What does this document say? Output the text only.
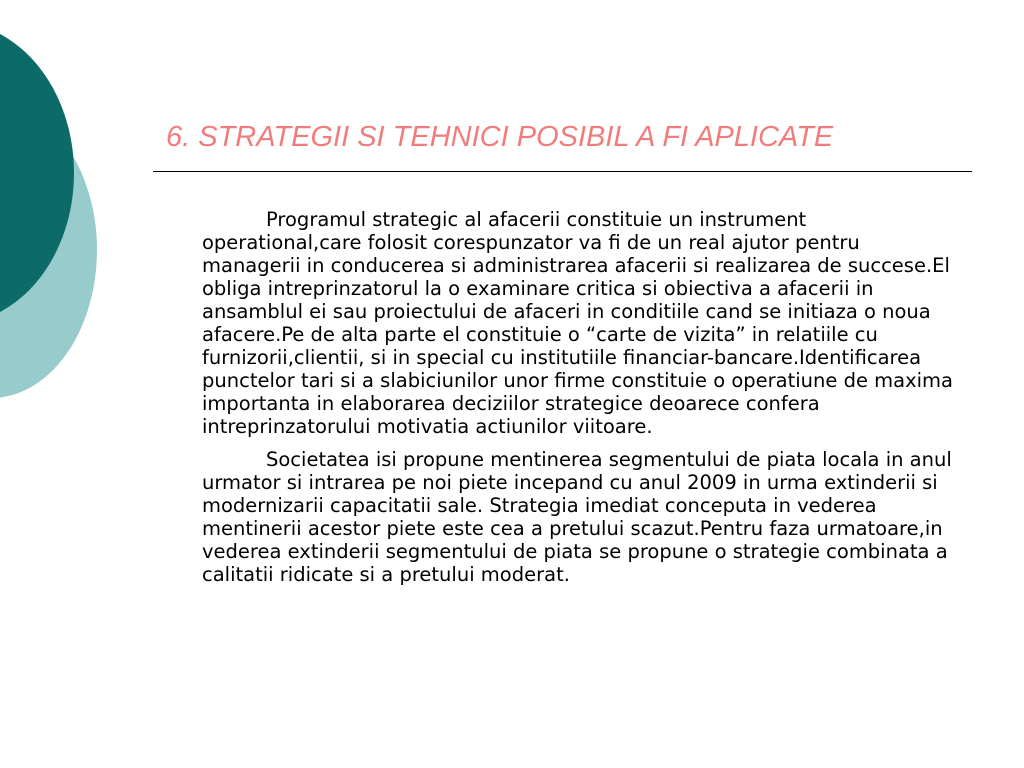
6. STRATEGII SI TEHNICI POSIBIL A FI APLICATE

Programul strategic al afacerii constituie un instrument operational,care folosit corespunzator va fi de un real ajutor pentru managerii in conducerea si administrarea afacerii si realizarea de succese.El obliga intreprinzatorul la o examinare critica si obiectiva a afacerii in ansamblul ei sau proiectului de afaceri in conditiile cand se initiaza o noua afacere.Pe de alta parte el constituie o “carte de vizita” in relatiile cu furnizorii,clientii, si in special cu institutiile financiar-bancare.Identificarea punctelor tari si a slabiciunilor unor firme constituie o operatiune de maxima importanta in elaborarea deciziilor strategice deoarece confera intreprinzatorului motivatia actiunilor viitoare.

Societatea isi propune mentinerea segmentului de piata locala in anul urmator si intrarea pe noi piete incepand cu anul 2009 in urma extinderii si modernizarii capacitatii sale. Strategia imediat conceputa in vederea mentinerii acestor piete este cea a pretului scazut.Pentru faza urmatoare,in vederea extinderii segmentului de piata se propune o strategie combinata a calitatii ridicate si a pretului moderat.
